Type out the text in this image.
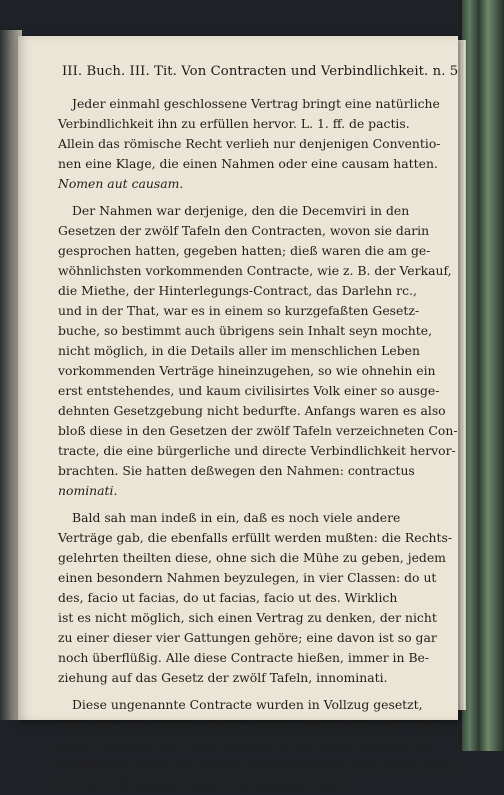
III. Buch. III. Tit. Von Contracten und Verbindlichkeit. n. 5
Jeder einmahl geschlossene Vertrag bringt eine natürliche
Verbindlichkeit ihn zu erfüllen hervor. L. 1. ff. de pactis.
Allein das römische Recht verlieh nur denjenigen Conventio-
nen eine Klage, die einen Nahmen oder eine causam hatten.
Nomen aut causam.
Der Nahmen war derjenige, den die Decemviri in den
Gesetzen der zwölf Tafeln den Contracten, wovon sie darin
gesprochen hatten, gegeben hatten; dieß waren die am ge-
wöhnlichsten vorkommenden Contracte, wie z. B. der Verkauf,
die Miethe, der Hinterlegungs-Contract, das Darlehn rc.,
und in der That, war es in einem so kurzgefaßten Gesetz-
buche, so bestimmt auch übrigens sein Inhalt seyn mochte,
nicht möglich, in die Details aller im menschlichen Leben
vorkommenden Verträge hineinzugehen, so wie ohnehin ein
erst entstehendes, und kaum civilisirtes Volk einer so ausge-
dehnten Gesetzgebung nicht bedurfte. Anfangs waren es also
bloß diese in den Gesetzen der zwölf Tafeln verzeichneten Con-
tracte, die eine bürgerliche und directe Verbindlichkeit hervor-
brachten. Sie hatten deßwegen den Nahmen: contractus
nominati.
Bald sah man indeß in ein, daß es noch viele andere
Verträge gab, die ebenfalls erfüllt werden mußten: die Rechts-
gelehrten theilten diese, ohne sich die Mühe zu geben, jedem
einen besondern Nahmen beyzulegen, in vier Classen: do ut
des, facio ut facias, do ut facias, facio ut des. Wirklich
ist es nicht möglich, sich einen Vertrag zu denken, der nicht
zu einer dieser vier Gattungen gehöre; eine davon ist so gar
noch überflüßig. Alle diese Contracte hießen, immer in Be-
ziehung auf das Gesetz der zwölf Tafeln, innominati.
Diese ungenannte Contracte wurden in Vollzug gesetzt,
wenn sie eine causam hatten; dagegen diejenigen, die weder
einen Nahmen, noch eine causam hatten, keine Zwangs-Ver-
bindlichkeit nach sich zogen; und dieß nannte man pacta nuda.
L. 7. §. 2. ff. de pact. und 5. de prascript. verb.
